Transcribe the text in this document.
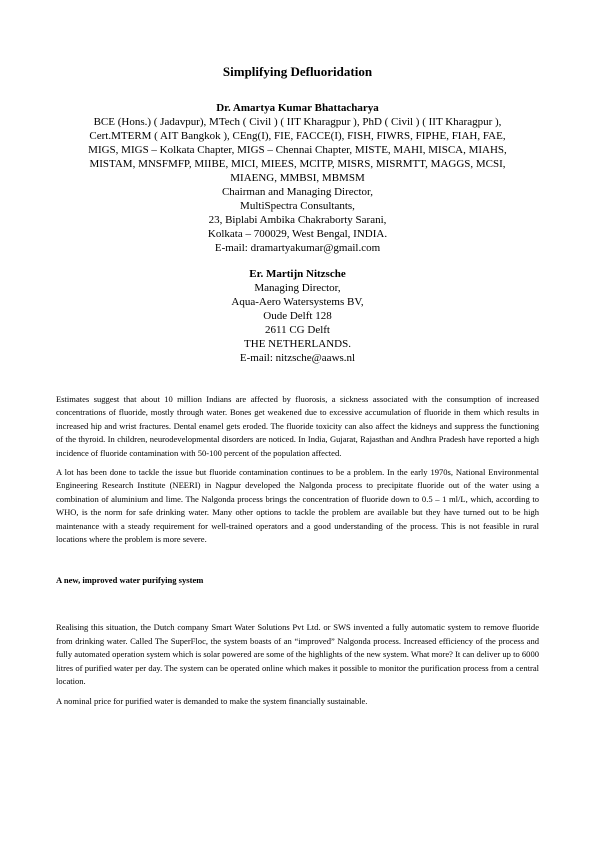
Simplifying Defluoridation
Dr. Amartya Kumar Bhattacharya
BCE (Hons.) ( Jadavpur), MTech ( Civil ) ( IIT Kharagpur ), PhD ( Civil ) ( IIT Kharagpur ),
Cert.MTERM ( AIT Bangkok ), CEng(I), FIE, FACCE(I), FISH, FIWRS, FIPHE, FIAH, FAE,
MIGS, MIGS – Kolkata Chapter, MIGS – Chennai Chapter, MISTE, MAHI, MISCA, MIAHS,
MISTAM, MNSFMFP, MIIBE, MICI, MIEES, MCITP, MISRS, MISRMTT, MAGGS, MCSI,
MIAENG, MMBSI, MBMSM
Chairman and Managing Director,
MultiSpectra Consultants,
23, Biplabi Ambika Chakraborty Sarani,
Kolkata – 700029, West Bengal, INDIA.
E-mail: dramartyakumar@gmail.com
Er. Martijn Nitzsche
Managing Director,
Aqua-Aero Watersystems BV,
Oude Delft 128
2611 CG Delft
THE NETHERLANDS.
E-mail: nitzsche@aaws.nl

Estimates suggest that about 10 million Indians are affected by fluorosis, a sickness associated with the consumption of increased concentrations of fluoride, mostly through water. Bones get weakened due to excessive accumulation of fluoride in them which results in increased hip and wrist fractures. Dental enamel gets eroded. The fluoride toxicity can also affect the kidneys and suppress the functioning of the thyroid. In children, neurodevelopmental disorders are noticed. In India, Gujarat, Rajasthan and Andhra Pradesh have reported a high incidence of fluoride contamination with 50-100 percent of the population affected.

A lot has been done to tackle the issue but fluoride contamination continues to be a problem. In the early 1970s, National Environmental Engineering Research Institute (NEERI) in Nagpur developed the Nalgonda process to precipitate fluoride out of the water using a combination of aluminium and lime. The Nalgonda process brings the concentration of fluoride down to 0.5 – 1 ml/L, which, according to WHO, is the norm for safe drinking water. Many other options to tackle the problem are available but they have turned out to be high maintenance with a steady requirement for well-trained operators and a good understanding of the process. This is not feasible in rural locations where the problem is more severe.

A new, improved water purifying system

Realising this situation, the Dutch company Smart Water Solutions Pvt Ltd. or SWS invented a fully automatic system to remove fluoride from drinking water. Called The SuperFloc, the system boasts of an “improved” Nalgonda process. Increased efficiency of the process and fully automated operation system which is solar powered are some of the highlights of the new system. What more? It can deliver up to 6000 litres of purified water per day. The system can be operated online which makes it possible to monitor the purification process from a central location.

A nominal price for purified water is demanded to make the system financially sustainable.
